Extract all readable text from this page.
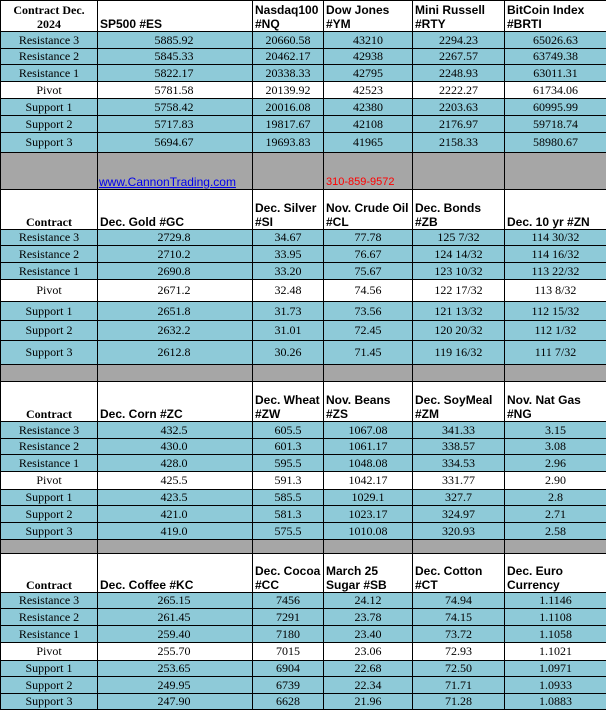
Contract Dec. 2024	SP500 #ES	Nasdaq100 #NQ	Dow Jones #YM	Mini Russell #RTY	BitCoin Index #BRTI
Resistance 3	5885.92	20660.58	43210	2294.23	65026.63
Resistance 2	5845.33	20462.17	42938	2267.57	63749.38
Resistance 1	5822.17	20338.33	42795	2248.93	63011.31
Pivot	5781.58	20139.92	42523	2222.27	61734.06
Support 1	5758.42	20016.08	42380	2203.63	60995.99
Support 2	5717.83	19817.67	42108	2176.97	59718.74
Support 3	5694.67	19693.83	41965	2158.33	58980.67
	www.CannonTrading.com		310-859-9572		
Contract	Dec. Gold #GC	Dec. Silver #SI	Nov. Crude Oil #CL	Dec. Bonds #ZB	Dec. 10 yr #ZN
Resistance 3	2729.8	34.67	77.78	125 7/32	114 30/32
Resistance 2	2710.2	33.95	76.67	124 14/32	114 16/32
Resistance 1	2690.8	33.20	75.67	123 10/32	113 22/32
Pivot	2671.2	32.48	74.56	122 17/32	113 8/32
Support 1	2651.8	31.73	73.56	121 13/32	112 15/32
Support 2	2632.2	31.01	72.45	120 20/32	112 1/32
Support 3	2612.8	30.26	71.45	119 16/32	111 7/32

Contract	Dec. Corn #ZC	Dec. Wheat #ZW	Nov. Beans #ZS	Dec. SoyMeal #ZM	Nov. Nat Gas #NG
Resistance 3	432.5	605.5	1067.08	341.33	3.15
Resistance 2	430.0	601.3	1061.17	338.57	3.08
Resistance 1	428.0	595.5	1048.08	334.53	2.96
Pivot	425.5	591.3	1042.17	331.77	2.90
Support 1	423.5	585.5	1029.1	327.7	2.8
Support 2	421.0	581.3	1023.17	324.97	2.71
Support 3	419.0	575.5	1010.08	320.93	2.58

Contract	Dec. Coffee #KC	Dec. Cocoa #CC	March 25 Sugar #SB	Dec. Cotton #CT	Dec. Euro Currency
Resistance 3	265.15	7456	24.12	74.94	1.1146
Resistance 2	261.45	7291	23.78	74.15	1.1108
Resistance 1	259.40	7180	23.40	73.72	1.1058
Pivot	255.70	7015	23.06	72.93	1.1021
Support 1	253.65	6904	22.68	72.50	1.0971
Support 2	249.95	6739	22.34	71.71	1.0933
Support 3	247.90	6628	21.96	71.28	1.0883
